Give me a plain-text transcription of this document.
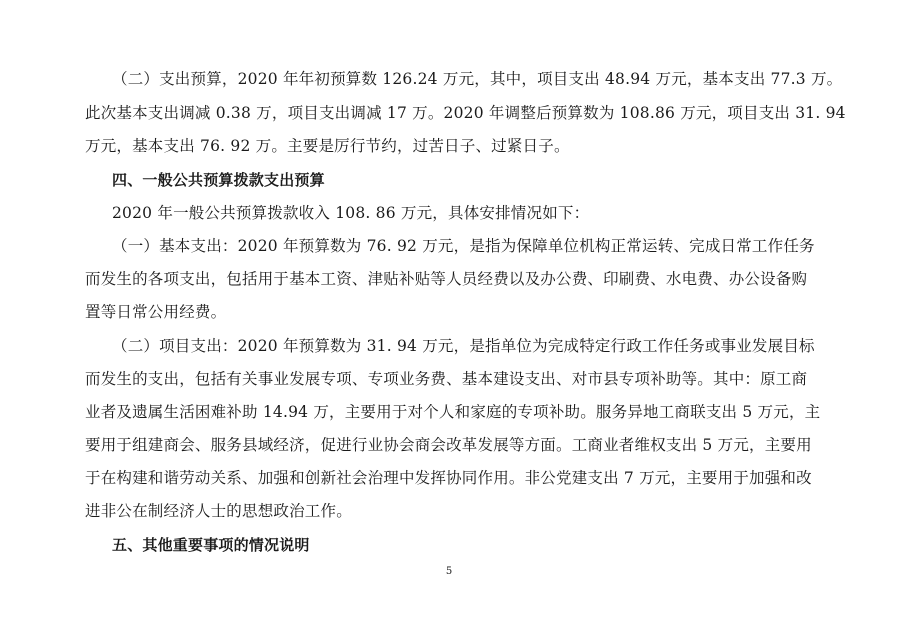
（二）支出预算，2020 年年初预算数 126.24 万元，其中，项目支出 48.94 万元，基本支出 77.3 万。
此次基本支出调减 0.38 万，项目支出调减 17 万。2020 年调整后预算数为 108.86 万元，项目支出 31. 94
万元，基本支出 76. 92 万。主要是厉行节约，过苦日子、过紧日子。
四、一般公共预算拨款支出预算
2020 年一般公共预算拨款收入 108. 86 万元，具体安排情况如下：
（一）基本支出：2020 年预算数为 76. 92 万元，是指为保障单位机构正常运转、完成日常工作任务
而发生的各项支出，包括用于基本工资、津贴补贴等人员经费以及办公费、印刷费、水电费、办公设备购
置等日常公用经费。
（二）项目支出：2020 年预算数为 31. 94 万元，是指单位为完成特定行政工作任务或事业发展目标
而发生的支出，包括有关事业发展专项、专项业务费、基本建设支出、对市县专项补助等。其中：原工商
业者及遗属生活困难补助 14.94 万，主要用于对个人和家庭的专项补助。服务异地工商联支出 5 万元，主
要用于组建商会、服务县域经济，促进行业协会商会改革发展等方面。工商业者维权支出 5 万元，主要用
于在构建和谐劳动关系、加强和创新社会治理中发挥协同作用。非公党建支出 7 万元，主要用于加强和改
进非公在制经济人士的思想政治工作。
五、其他重要事项的情况说明
5
